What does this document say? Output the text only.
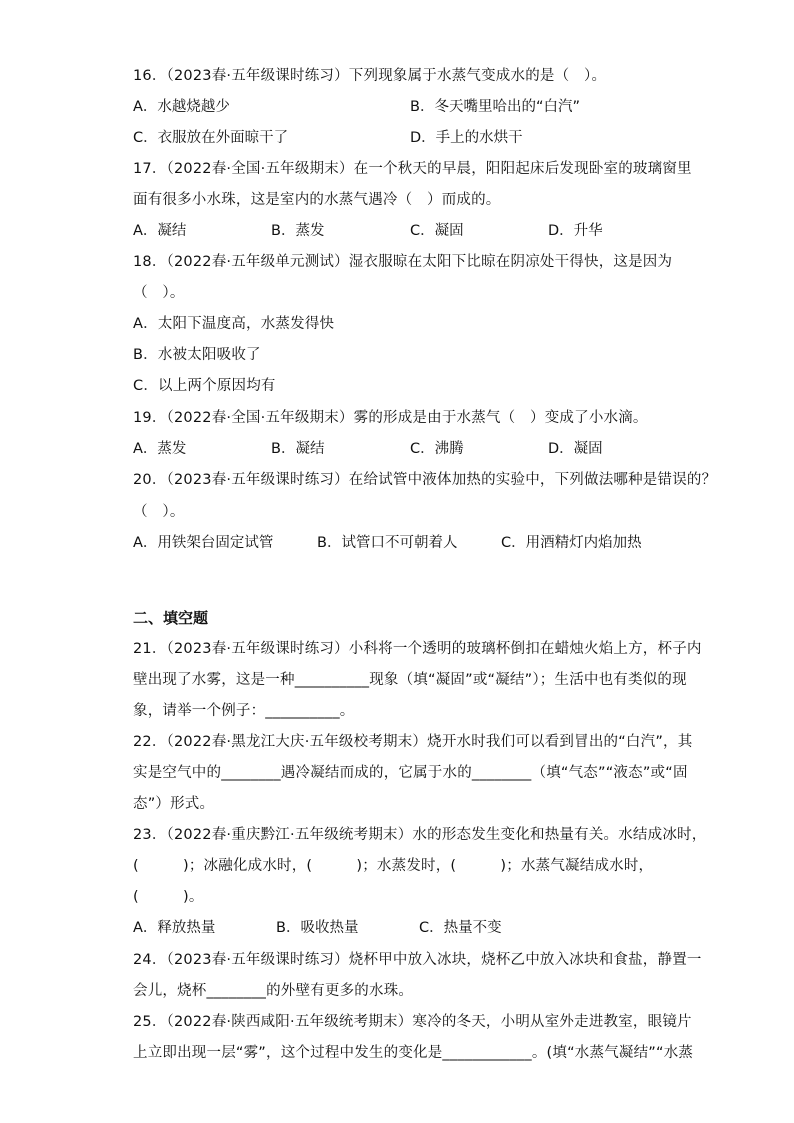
16．（2023春·五年级课时练习）下列现象属于水蒸气变成水的是（　）。
A．水越烧越少	B．冬天嘴里哈出的“白汽”
C．衣服放在外面晾干了	D．手上的水烘干
17．（2022春·全国·五年级期末）在一个秋天的早晨，阳阳起床后发现卧室的玻璃窗里
面有很多小水珠，这是室内的水蒸气遇冷（　）而成的。
A．凝结	B．蒸发	C．凝固	D．升华
18．（2022春·五年级单元测试）湿衣服晾在太阳下比晾在阴凉处干得快，这是因为
（　）。
A．太阳下温度高，水蒸发得快
B．水被太阳吸收了
C．以上两个原因均有
19．（2022春·全国·五年级期末）雾的形成是由于水蒸气（　）变成了小水滴。
A．蒸发	B．凝结	C．沸腾	D．凝固
20．（2023春·五年级课时练习）在给试管中液体加热的实验中，下列做法哪种是错误的？
（　）。
A．用铁架台固定试管	B．试管口不可朝着人	C．用酒精灯内焰加热
二、填空题
21．（2023春·五年级课时练习）小科将一个透明的玻璃杯倒扣在蜡烛火焰上方，杯子内
壁出现了水雾，这是一种__________现象（填“凝固”或“凝结”）；生活中也有类似的现
象，请举一个例子：__________。
22．（2022春·黑龙江大庆·五年级校考期末）烧开水时我们可以看到冒出的“白汽”，其
实是空气中的________遇冷凝结而成的，它属于水的________（填“气态”“液态”或“固
态”）形式。
23．（2022春·重庆黔江·五年级统考期末）水的形态发生变化和热量有关。水结成冰时，
(　　　)；冰融化成水时，(　　　)；水蒸发时，(　　　)；水蒸气凝结成水时，
(　　　)。
A．释放热量	B．吸收热量	C．热量不变
24．（2023春·五年级课时练习）烧杯甲中放入冰块，烧杯乙中放入冰块和食盐，静置一
会儿，烧杯________的外壁有更多的水珠。
25．（2022春·陕西咸阳·五年级统考期末）寒冷的冬天，小明从室外走进教室，眼镜片
上立即出现一层“雾”，这个过程中发生的变化是____________。(填“水蒸气凝结”“水蒸
